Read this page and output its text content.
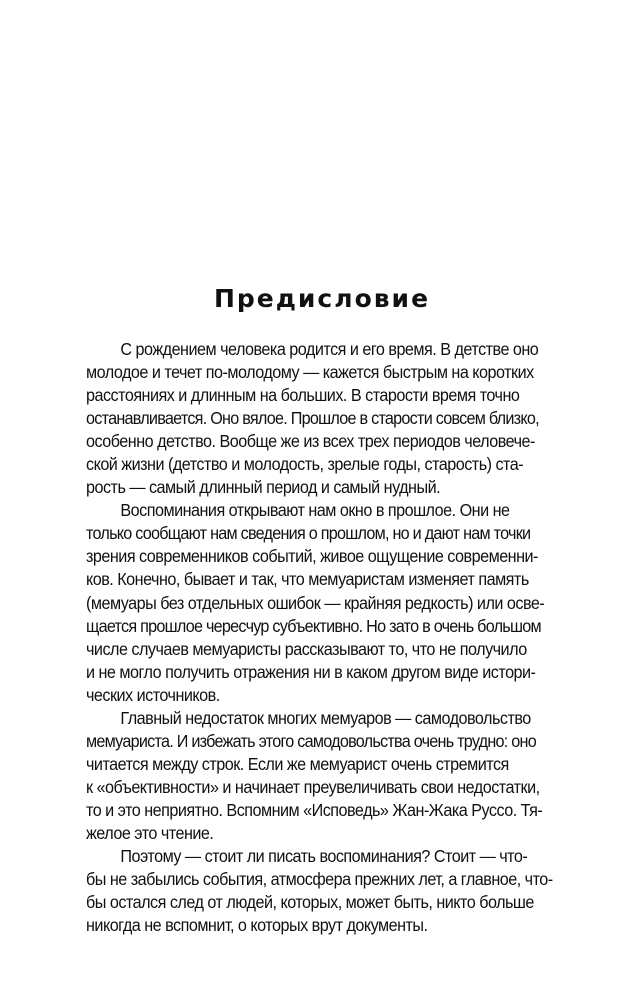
Предисловие
С рождением человека родится и его время. В детстве оно
молодое и течет по-молодому — кажется быстрым на коротких
расстояниях и длинным на больших. В старости время точно
останавливается. Оно вялое. Прошлое в старости совсем близко,
особенно детство. Вообще же из всех трех периодов человече-
ской жизни (детство и молодость, зрелые годы, старость) ста-
рость — самый длинный период и самый нудный.
Воспоминания открывают нам окно в прошлое. Они не
только сообщают нам сведения о прошлом, но и дают нам точки
зрения современников событий, живое ощущение современни-
ков. Конечно, бывает и так, что мемуаристам изменяет память
(мемуары без отдельных ошибок — крайняя редкость) или осве-
щается прошлое чересчур субъективно. Но зато в очень большом
числе случаев мемуаристы рассказывают то, что не получило
и не могло получить отражения ни в каком другом виде истори-
ческих источников.
Главный недостаток многих мемуаров — самодовольство
мемуариста. И избежать этого самодовольства очень трудно: оно
читается между строк. Если же мемуарист очень стремится
к «объективности» и начинает преувеличивать свои недостатки,
то и это неприятно. Вспомним «Исповедь» Жан-Жака Руссо. Тя-
желое это чтение.
Поэтому — стоит ли писать воспоминания? Стоит — что-
бы не забылись события, атмосфера прежних лет, а главное, что-
бы остался след от людей, которых, может быть, никто больше
никогда не вспомнит, о которых врут документы.
